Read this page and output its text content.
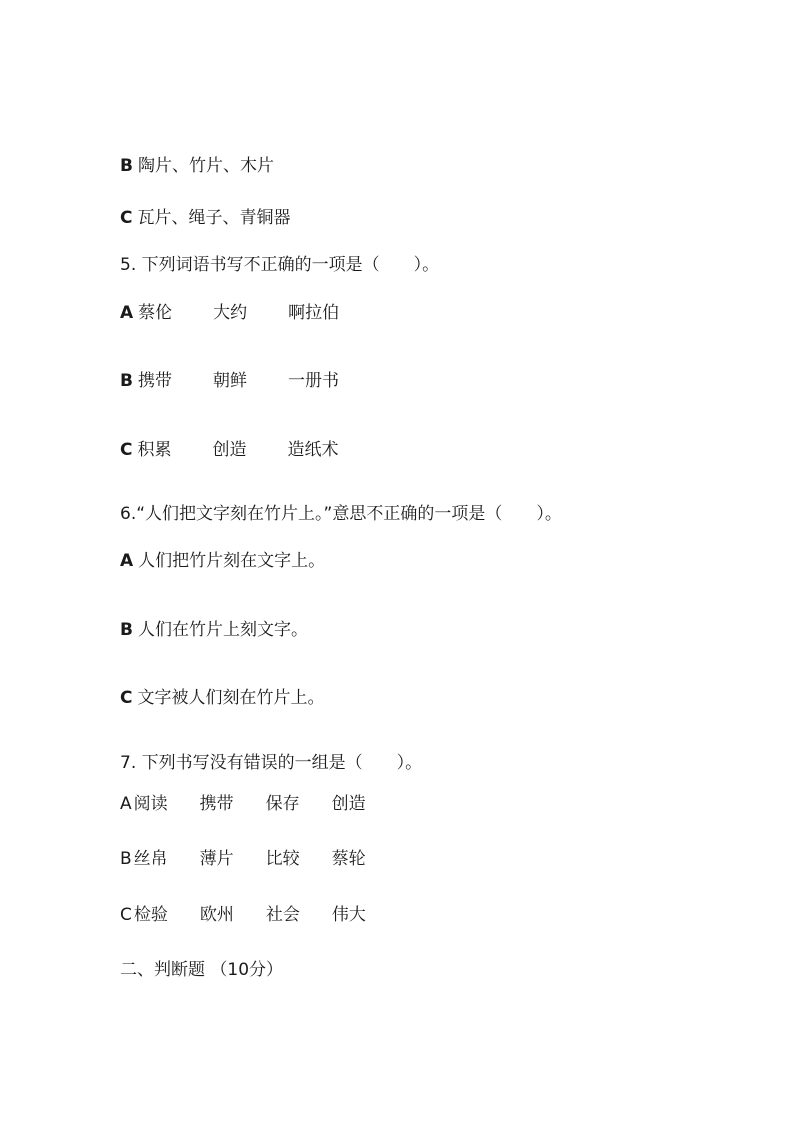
B 陶片、竹片、木片
C 瓦片、绳子、青铜器
5. 下列词语书写不正确的一项是（　　）。
A 蔡伦 大约 啊拉伯
B 携带 朝鲜 一册书
C 积累 创造 造纸术
6.“人们把文字刻在竹片上。”意思不正确的一项是（　　）。
A 人们把竹片刻在文字上。
B 人们在竹片上刻文字。
C 文字被人们刻在竹片上。
7. 下列书写没有错误的一组是（　　）。
A 阅读 携带 保存 创造
B 丝帛 薄片 比较 蔡轮
C 检验 欧州 社会 伟大
二、判断题 （10分）
